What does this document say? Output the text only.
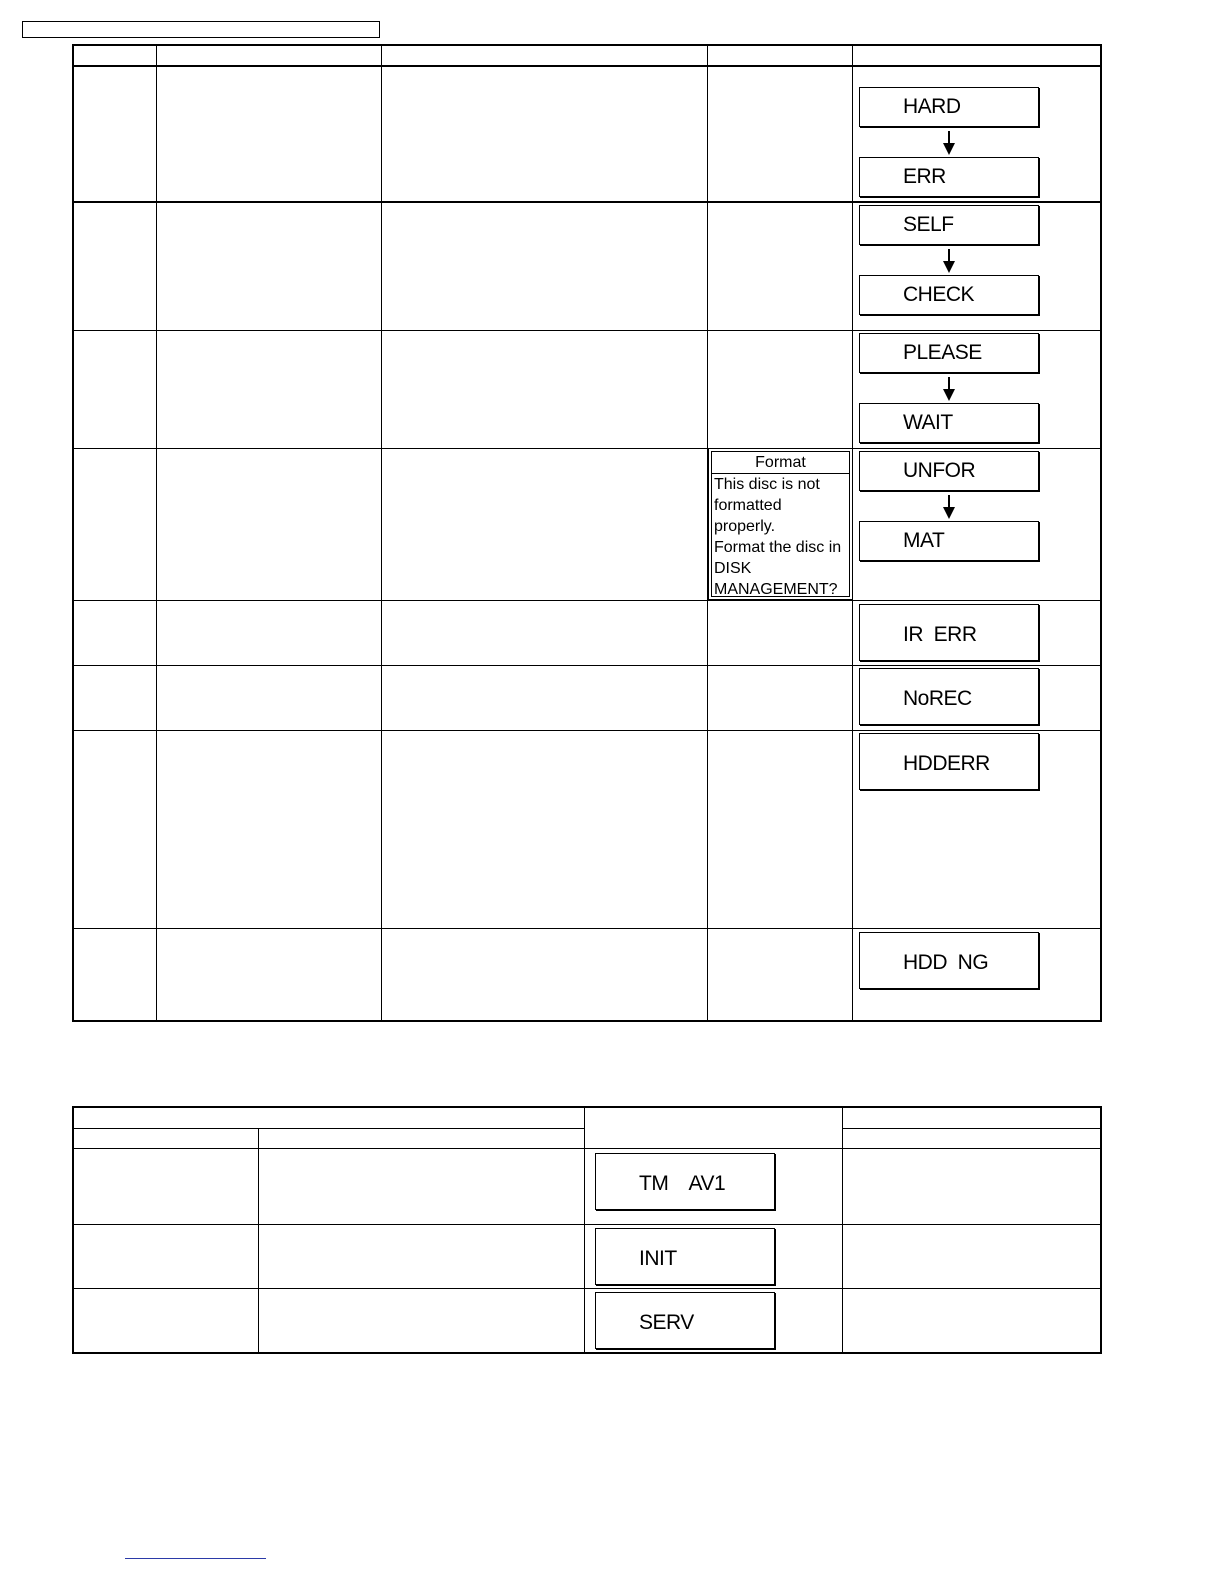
HARD
ERR
SELF
CHECK
PLEASE
WAIT
Format
This disc is not
formatted
properly.
Format the disc in
DISK
MANAGEMENT?
UNFOR
MAT
IR  ERR
NoREC
HDDERR
HDD  NG
TM    AV1
INIT
SERV
